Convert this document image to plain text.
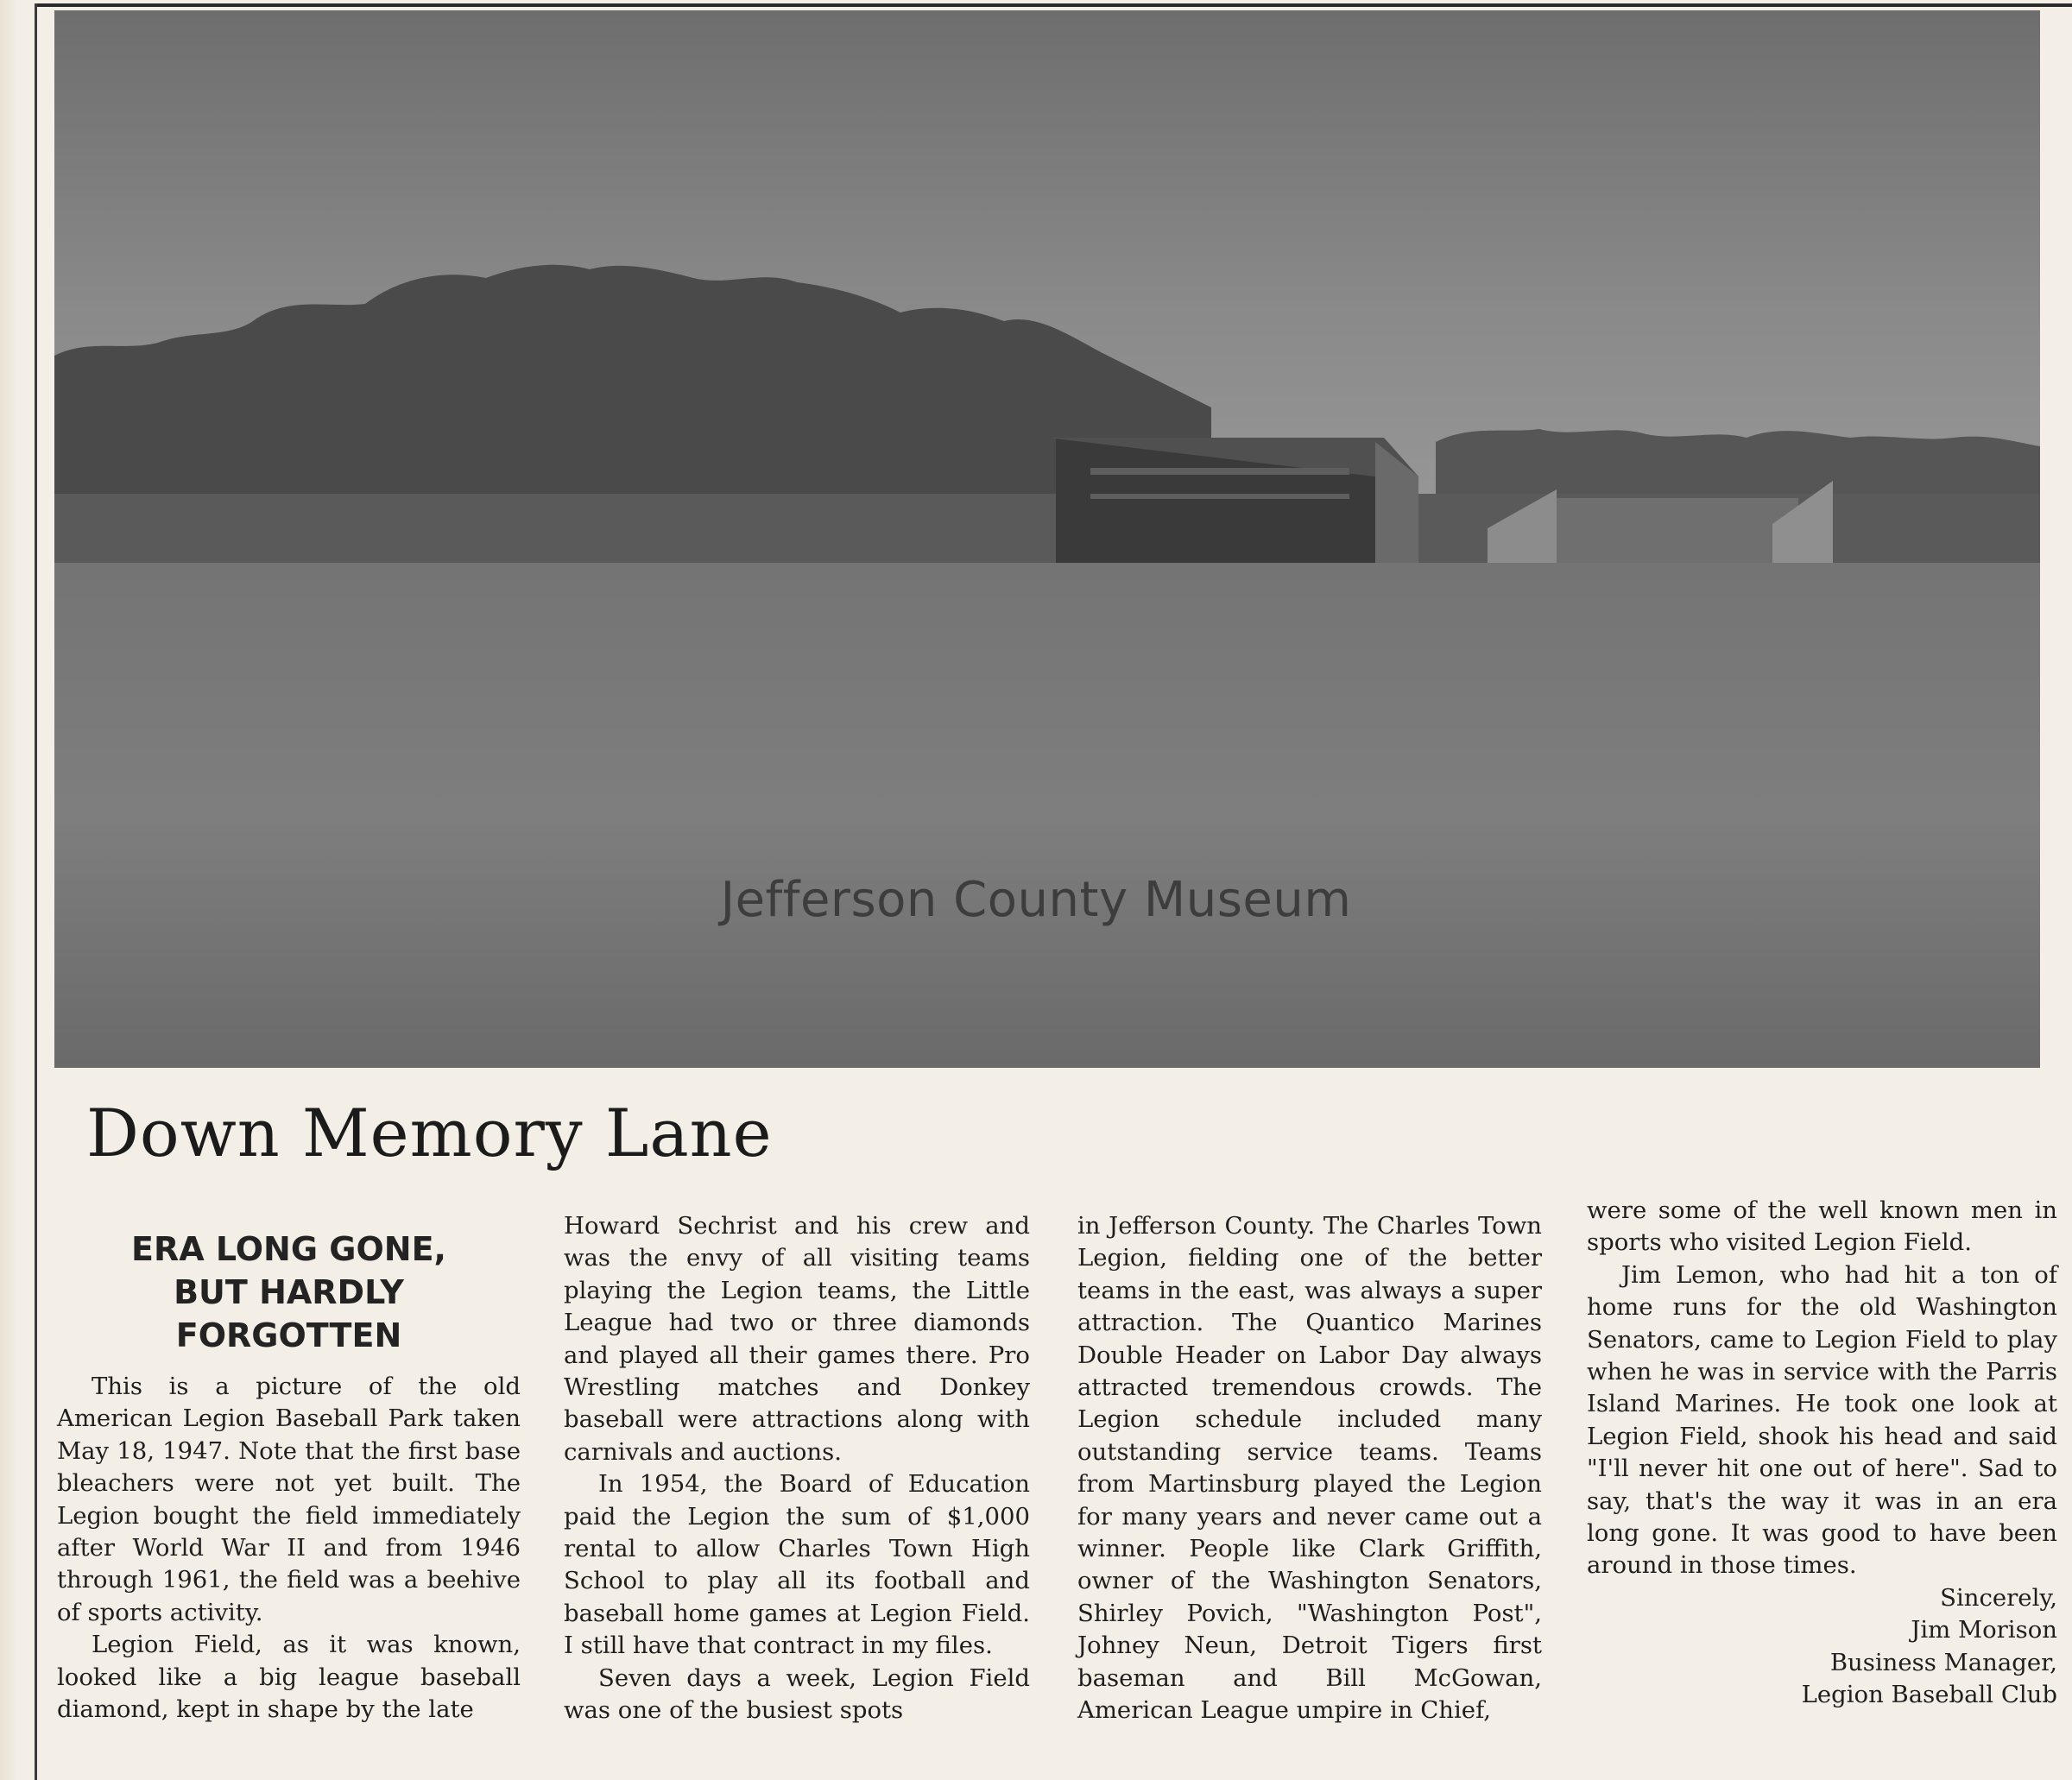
Jefferson County Museum
Down Memory Lane
ERA LONG GONE,
BUT HARDLY
FORGOTTEN

This is a picture of the old American Legion Baseball Park taken May 18, 1947. Note that the first base bleachers were not yet built. The Legion bought the field immediately after World War II and from 1946 through 1961, the field was a beehive of sports activity.

Legion Field, as it was known, looked like a big league baseball diamond, kept in shape by the late

Howard Sechrist and his crew and was the envy of all visiting teams playing the Legion teams, the Little League had two or three diamonds and played all their games there. Pro Wrestling matches and Donkey baseball were attractions along with carnivals and auctions.

In 1954, the Board of Education paid the Legion the sum of $1,000 rental to allow Charles Town High School to play all its football and baseball home games at Legion Field. I still have that contract in my files.

Seven days a week, Legion Field was one of the busiest spots

in Jefferson County. The Charles Town Legion, fielding one of the better teams in the east, was always a super attraction. The Quantico Marines Double Header on Labor Day always attracted tremendous crowds. The Legion schedule included many outstanding service teams. Teams from Martinsburg played the Legion for many years and never came out a winner. People like Clark Griffith, owner of the Washington Senators, Shirley Povich, "Washington Post", Johney Neun, Detroit Tigers first baseman and Bill McGowan, American League umpire in Chief,

were some of the well known men in sports who visited Legion Field.

Jim Lemon, who had hit a ton of home runs for the old Washington Senators, came to Legion Field to play when he was in service with the Parris Island Marines. He took one look at Legion Field, shook his head and said "I'll never hit one out of here". Sad to say, that's the way it was in an era long gone. It was good to have been around in those times.

Sincerely,
Jim Morison
Business Manager,
Legion Baseball Club
